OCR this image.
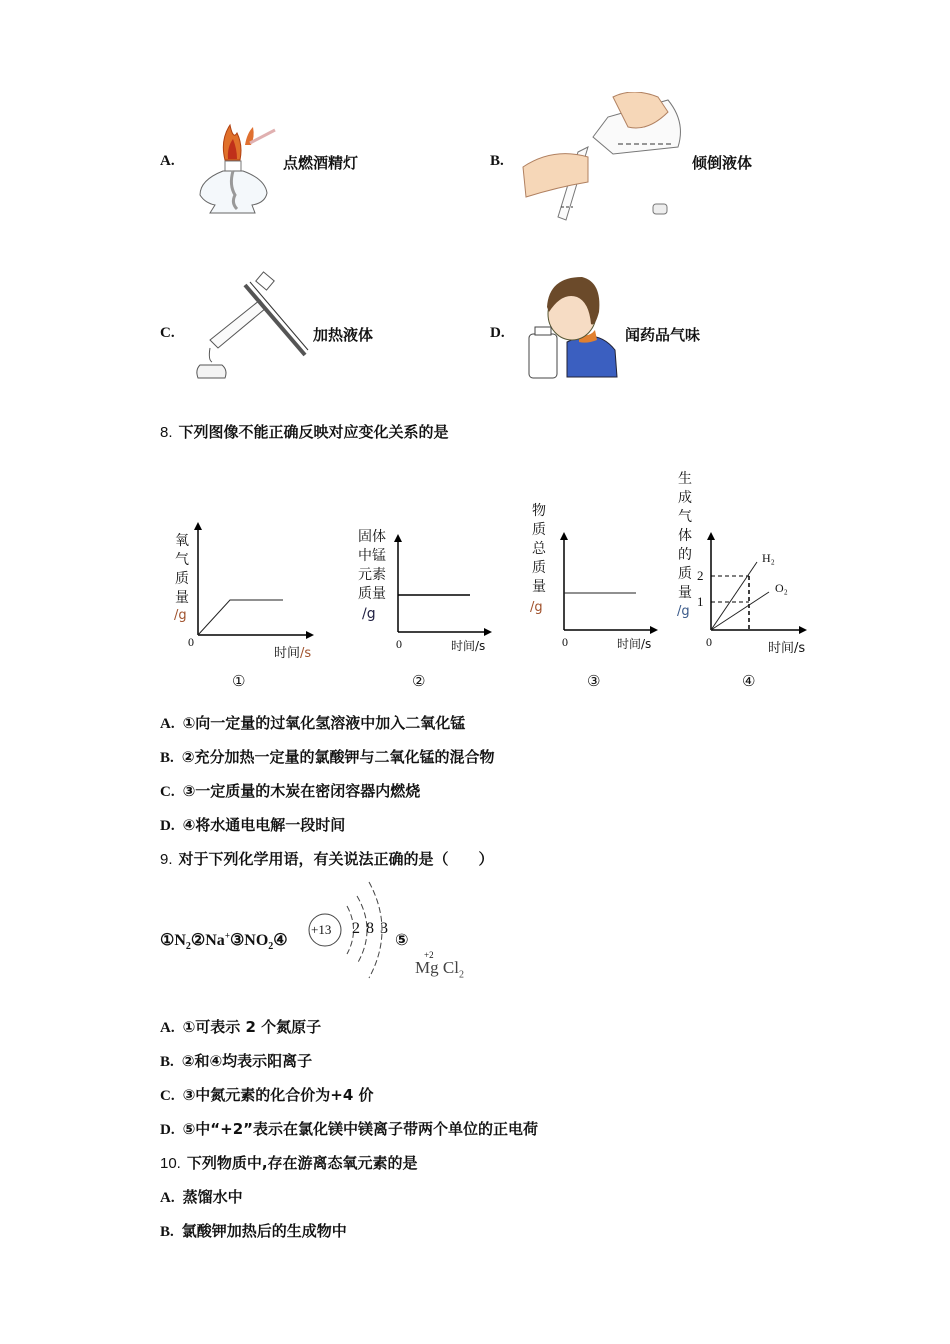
A.	点燃酒精灯	B.	倾倒液体
C.	加热液体	D.	闻药品气味
8. 下列图像不能正确反映对应变化关系的是
氧气质量
/g
0
时间/s
①
固体中锰元素质量
/g
0	时间/s
②
物质总质量
/g
0	时间/s
③
生成气体的质量
/g
2
1
H₂
O₂
0	时间/s
④
A. ①向一定量的过氧化氢溶液中加入二氧化锰
B. ②充分加热一定量的氯酸钾与二氧化锰的混合物
C. ③一定质量的木炭在密闭容器内燃烧
D. ④将水通电电解一段时间
9. 对于下列化学用语，有关说法正确的是（　　）
$①N_2②Na^+③NO_2④$
+13 2 8 3
⑤
+2
Mg $Cl_2$
A. ①可表示 2 个氮原子
B. ②和④均表示阳离子
C. ③中氮元素的化合价为+4 价
D. ⑤中“+2”表示在氯化镁中镁离子带两个单位的正电荷
10. 下列物质中,存在游离态氧元素的是
A. 蒸馏水中
B. 氯酸钾加热后的生成物中
